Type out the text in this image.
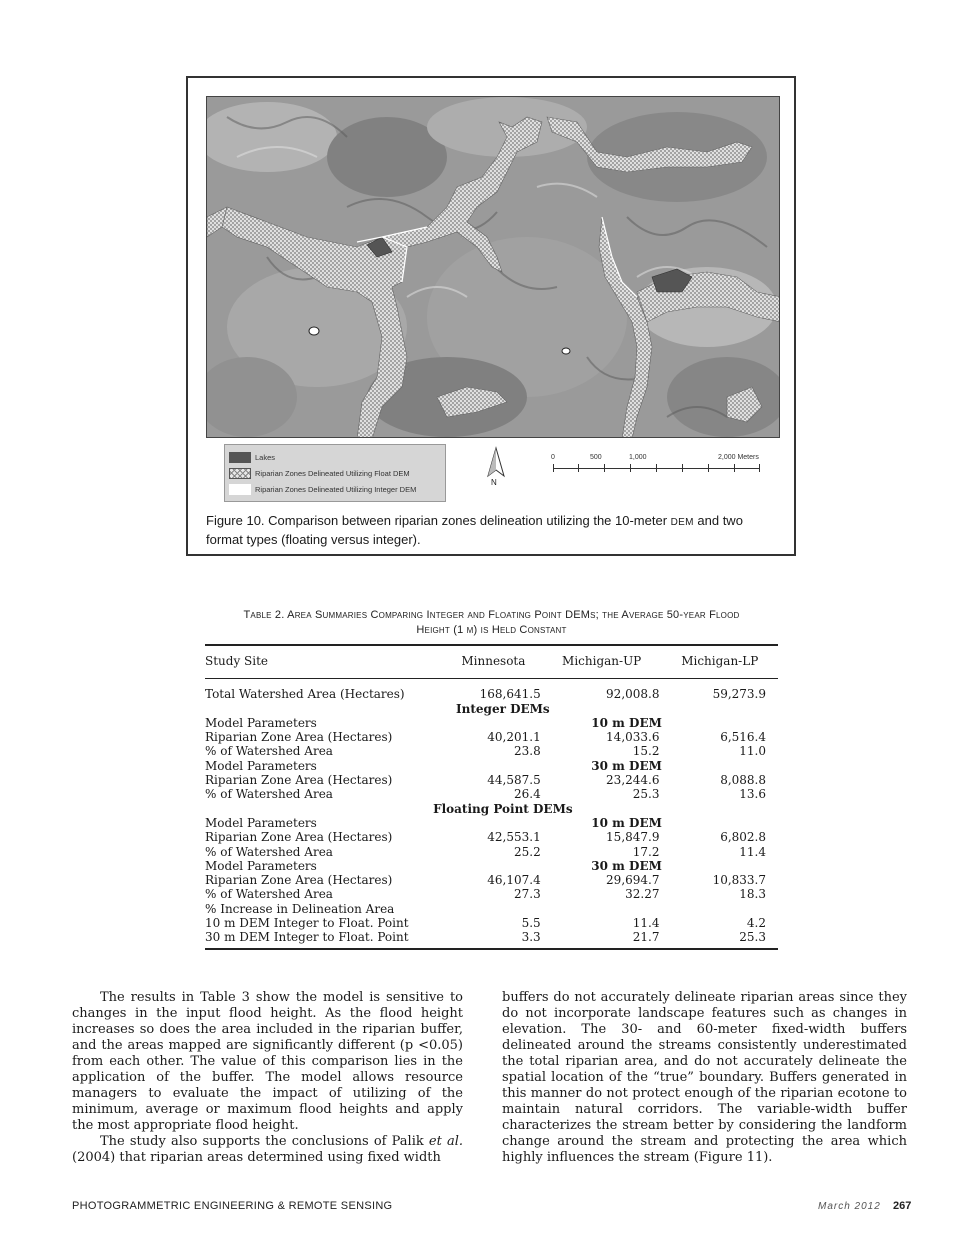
Lakes
Riparian Zones Delineated Utilizing Float DEM
Riparian Zones Delineated Utilizing Integer DEM
N
0	500	1,000	2,000 Meters
Figure 10. Comparison between riparian zones delineation utilizing the 10-meter DEM and two format types (floating versus integer).
Table 2. Area Summaries Comparing Integer and Floating Point DEMs; the Average 50-year Flood
Height (1 m) is Held Constant
Study Site	Minnesota	Michigan-UP	Michigan-LP
Total Watershed Area (Hectares)	168,641.5	92,008.8	59,273.9
	Integer DEMs		
Model Parameters		10 m DEM	
Riparian Zone Area (Hectares)	40,201.1	14,033.6	6,516.4
% of Watershed Area	23.8	15.2	11.0
Model Parameters		30 m DEM	
Riparian Zone Area (Hectares)	44,587.5	23,244.6	8,088.8
% of Watershed Area	26.4	25.3	13.6
	Floating Point DEMs		
Model Parameters		10 m DEM	
Riparian Zone Area (Hectares)	42,553.1	15,847.9	6,802.8
% of Watershed Area	25.2	17.2	11.4
Model Parameters		30 m DEM	
Riparian Zone Area (Hectares)	46,107.4	29,694.7	10,833.7
% of Watershed Area	27.3	32.27	18.3
% Increase in Delineation Area			
10 m DEM Integer to Float. Point	5.5	11.4	4.2
30 m DEM Integer to Float. Point	3.3	21.7	25.3

The results in Table 3 show the model is sensitive to changes in the input flood height. As the flood height increases so does the area included in the riparian buffer, and the areas mapped are significantly different (p <0.05) from each other. The value of this comparison lies in the application of the buffer. The model allows resource managers to evaluate the impact of utilizing of the minimum, average or maximum flood heights and apply the most appropriate flood height.

The study also supports the conclusions of Palik et al. (2004) that riparian areas determined using fixed width

buffers do not accurately delineate riparian areas since they do not incorporate landscape features such as changes in elevation. The 30- and 60-meter fixed-width buffers delineated around the streams consistently underestimated the total riparian area, and do not accurately delineate the spatial location of the “true” boundary. Buffers generated in this manner do not protect enough of the riparian ecotone to maintain natural corridors. The variable-width buffer characterizes the stream better by considering the landform change around the stream and protecting the area which highly influences the stream (Figure 11).

PHOTOGRAMMETRIC ENGINEERING & REMOTE SENSING	March 2012 267
